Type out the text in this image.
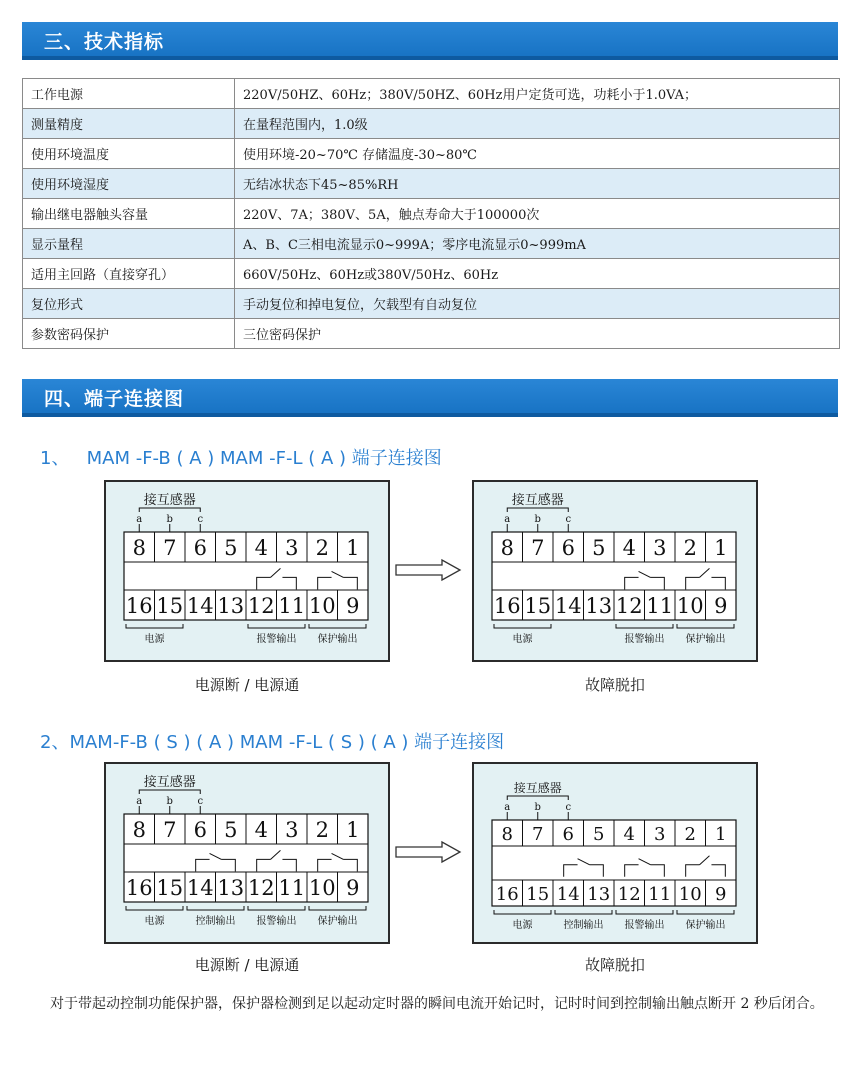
三、技术指标
工作电源	220V/50HZ、60Hz；380V/50HZ、60Hz用户定货可选，功耗小于1.0VA；
测量精度	在量程范围内，1.0级
使用环境温度	使用环境-20~70℃ 存储温度-30~80℃
使用环境湿度	无结冰状态下45~85%RH
输出继电器触头容量	220V、7A；380V、5A，触点寿命大于100000次
显示量程	A、B、C三相电流显示0~999A；零序电流显示0~999mA
适用主回路（直接穿孔）	660V/50Hz、60Hz或380V/50Hz、60Hz
复位形式	手动复位和掉电复位，欠载型有自动复位
参数密码保护	三位密码保护
四、端子连接图
1、   MAM -F-B ( A ) MAM -F-L ( A ) 端子连接图
接互感器
a b c
8
16
7
15
6
14
5
13
4
12
3
11
2
10
1
9
电源	报警输出 保护输出
接互感器
a b c
8
16
7
15
6
14
5
13
4
12
3
11
2
10
1
9
电源	报警输出 保护输出
电源断 / 电源通	故障脱扣
2、MAM-F-B ( S ) ( A ) MAM -F-L ( S ) ( A ) 端子连接图
接互感器
a b c
8
16
7
15
6
14
5
13
4
12
3
11
2
10
1
9
电源	控制输出 报警输出 保护输出
接互感器
a b c
8
16
7
15
6
14
5
13
4
12
3
11
2
10
1
9
电源	控制输出 报警输出 保护输出
电源断 / 电源通	故障脱扣
对于带起动控制功能保护器，保护器检测到足以起动定时器的瞬间电流开始记时，记时时间到控制输出触点断开 2 秒后闭合。
